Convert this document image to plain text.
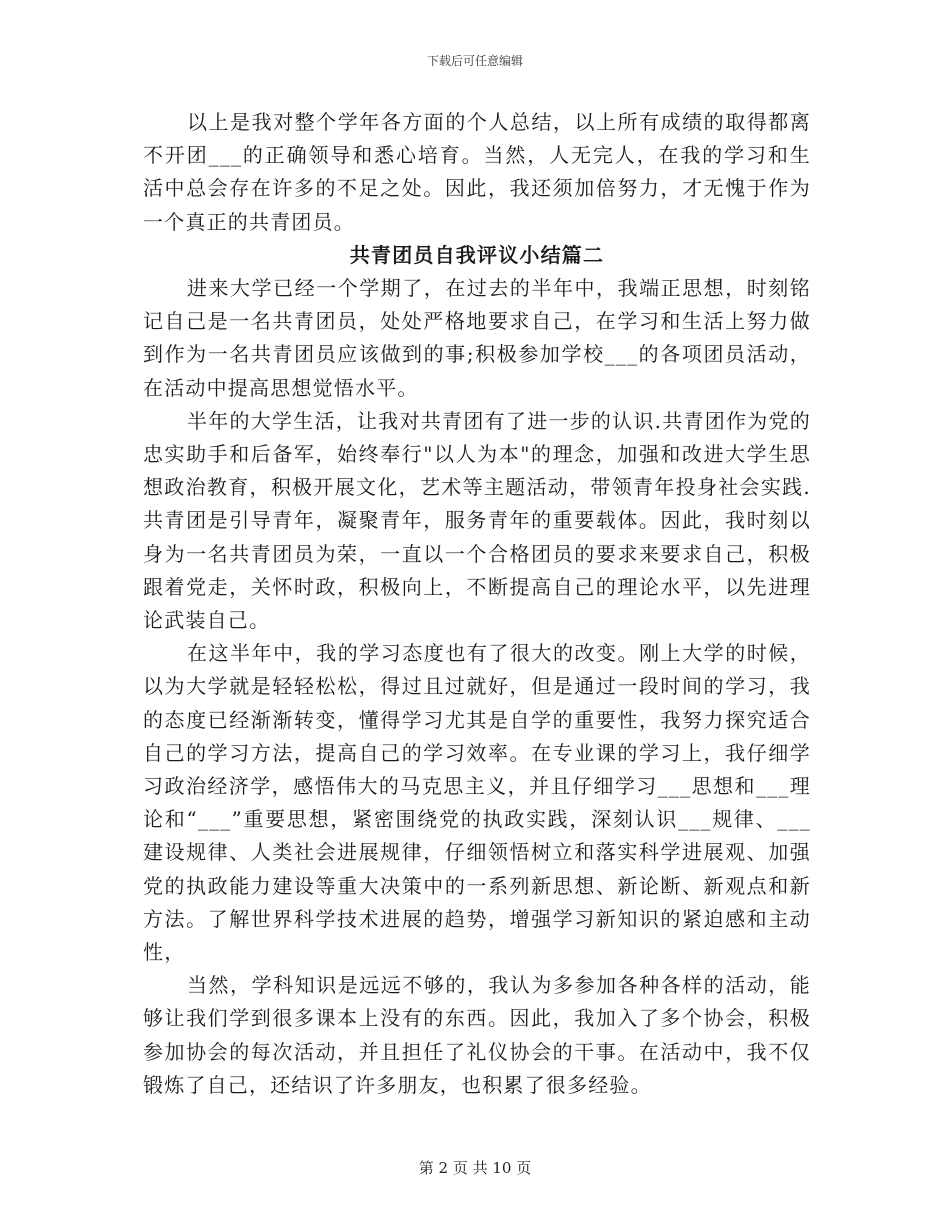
下载后可任意编辑

以上是我对整个学年各方面的个人总结，以上所有成绩的取得都离不开团___的正确领导和悉心培育。当然，人无完人，在我的学习和生活中总会存在许多的不足之处。因此，我还须加倍努力，才无愧于作为一个真正的共青团员。

共青团员自我评议小结篇二

进来大学已经一个学期了，在过去的半年中，我端正思想，时刻铭记自己是一名共青团员，处处严格地要求自己，在学习和生活上努力做到作为一名共青团员应该做到的事;积极参加学校___的各项团员活动，在活动中提高思想觉悟水平。

半年的大学生活，让我对共青团有了进一步的认识.共青团作为党的忠实助手和后备军，始终奉行"以人为本"的理念，加强和改进大学生思想政治教育，积极开展文化，艺术等主题活动，带领青年投身社会实践.共青团是引导青年，凝聚青年，服务青年的重要载体。因此，我时刻以身为一名共青团员为荣，一直以一个合格团员的要求来要求自己，积极跟着党走，关怀时政，积极向上，不断提高自己的理论水平，以先进理论武装自己。

在这半年中，我的学习态度也有了很大的改变。刚上大学的时候，以为大学就是轻轻松松，得过且过就好，但是通过一段时间的学习，我的态度已经渐渐转变，懂得学习尤其是自学的重要性，我努力探究适合自己的学习方法，提高自己的学习效率。在专业课的学习上，我仔细学习政治经济学，感悟伟大的马克思主义，并且仔细学习___思想和___理论和“___”重要思想，紧密围绕党的执政实践，深刻认识___规律、___建设规律、人类社会进展规律，仔细领悟树立和落实科学进展观、加强党的执政能力建设等重大决策中的一系列新思想、新论断、新观点和新方法。了解世界科学技术进展的趋势，增强学习新知识的紧迫感和主动性，

当然，学科知识是远远不够的，我认为多参加各种各样的活动，能够让我们学到很多课本上没有的东西。因此，我加入了多个协会，积极参加协会的每次活动，并且担任了礼仪协会的干事。在活动中，我不仅锻炼了自己，还结识了许多朋友，也积累了很多经验。

第 2 页 共 10 页
